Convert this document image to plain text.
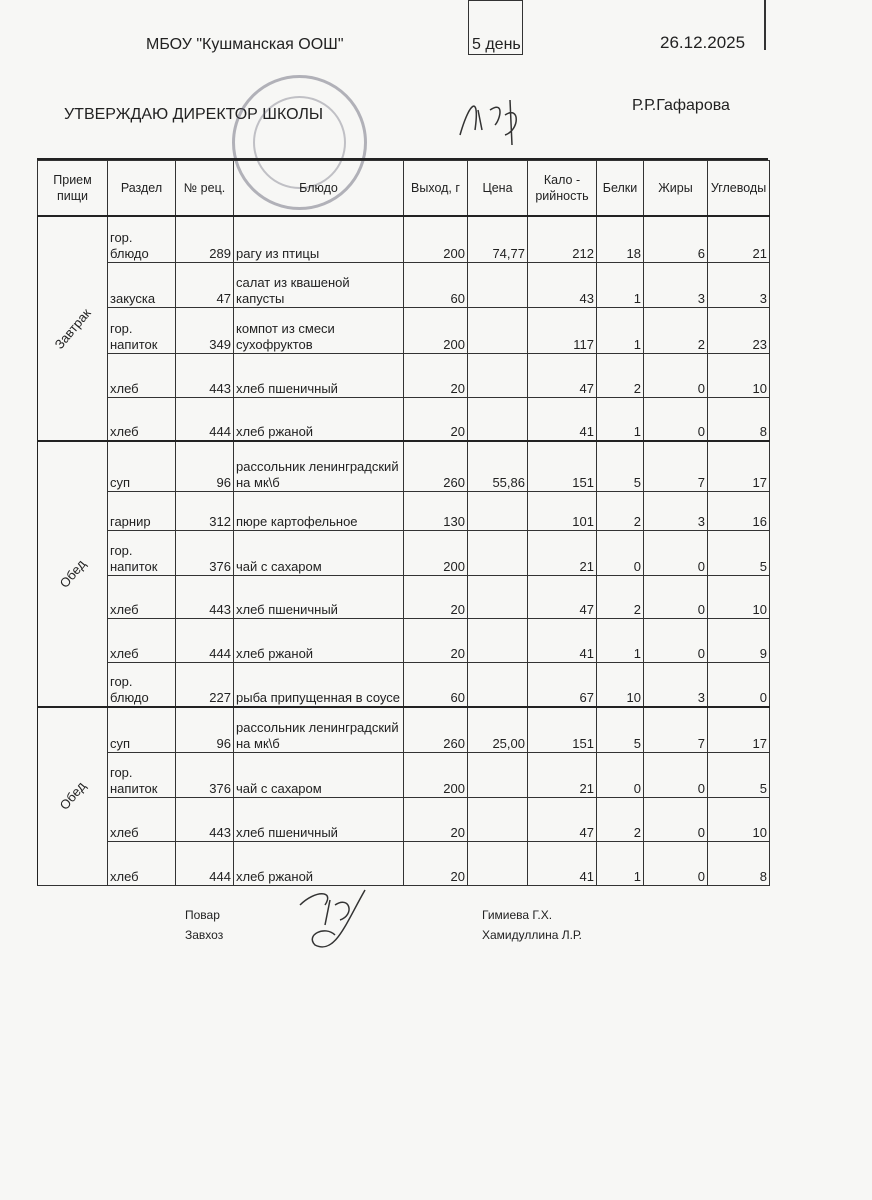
МБОУ "Кушманская ООШ"	5 день	26.12.2025
УТВЕРЖДАЮ ДИРЕКТОР ШКОЛЫ
Р.Р.Гафарова
Прием пищи	Раздел	№ рец.	Блюдо	Выход, г	Цена	Кало - рийность	Белки	Жиры	Углеводы

Завтрак	гор. блюдо	289	рагу из птицы	200	74,77	212	18	6	21
	закуска	47	салат из квашеной капусты	60		43	1	3	3
	гор. напиток	349	компот из смеси сухофруктов	200		117	1	2	23
	хлеб	443	хлеб пшеничный	20		47	2	0	10
	хлеб	444	хлеб ржаной	20		41	1	0	8

Обед	суп	96	рассольник ленинградский на мк\б	260	55,86	151	5	7	17
	гарнир	312	пюре картофельное	130		101	2	3	16
	гор. напиток	376	чай с сахаром	200		21	0	0	5
	хлеб	443	хлеб пшеничный	20		47	2	0	10
	хлеб	444	хлеб ржаной	20		41	1	0	9
	гор. блюдо	227	рыба припущенная в соусе	60		67	10	3	0

Обед	суп	96	рассольник ленинградский на мк\б	260	25,00	151	5	7	17
	гор. напиток	376	чай с сахаром	200		21	0	0	5
	хлеб	443	хлеб пшеничный	20		47	2	0	10
	хлеб	444	хлеб ржаной	20		41	1	0	8
Повар
Завхоз
Гимиева Г.Х.
Хамидуллина Л.Р.
